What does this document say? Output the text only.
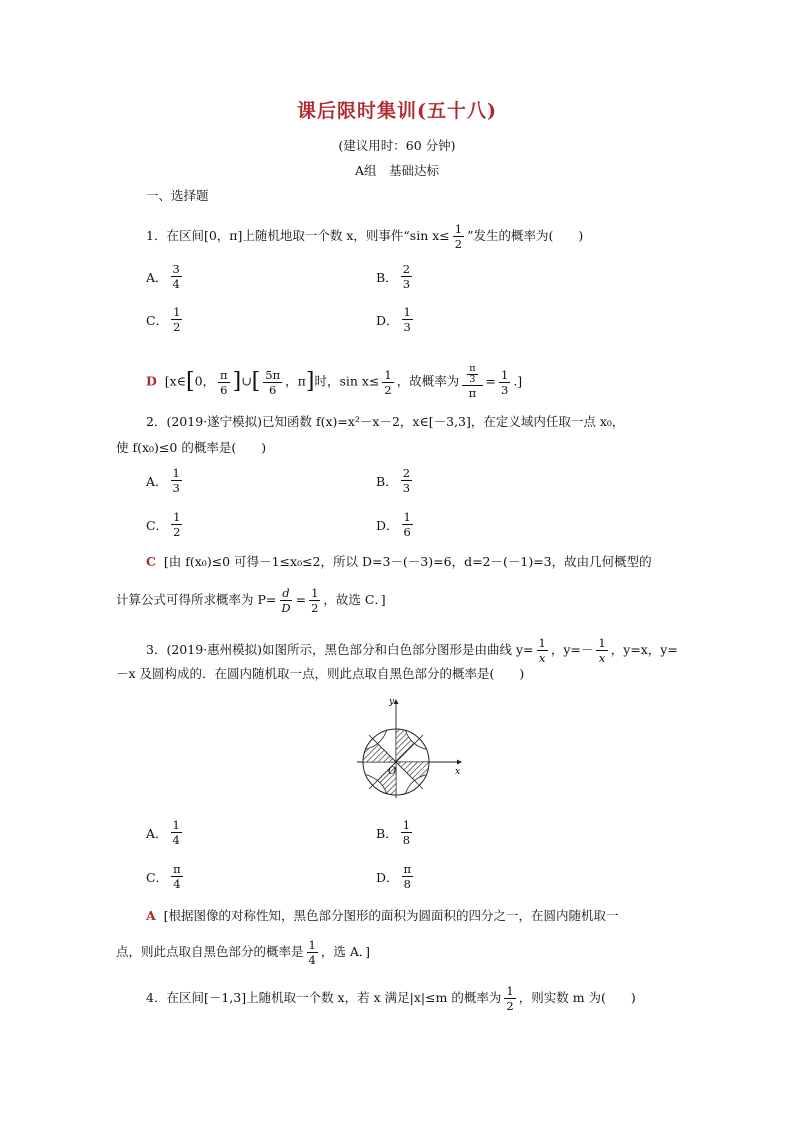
课后限时集训(五十八)
(建议用时：60 分钟)
A组　基础达标
一、选择题
1．在区间[0，π]上随机地取一个数 x，则事件“sin $x\le \frac{1}{2}$ ”发生的概率为(　　)
A． $\frac{3}{4}$	B． $\frac{2}{3}$
C． $\frac{1}{2}$	D． $\frac{1}{3}$
D [x∈[0， $\frac{\pi}{6}$ ]∪[ $\frac{5\pi}{6}$ ，π]时，$\sin x\le \frac{1}{2}$ ，故概率为 $\frac{\frac{\pi}{3}}{\pi} = \frac{1}{3}$ .]
2．(2019·遂宁模拟)已知函数 f(x)=x²－x－2，x∈[－3,3]，在定义域内任取一点 x₀，
使 f(x₀)≤0 的概率是(　　)
A． $\frac{1}{3}$	B． $\frac{2}{3}$
C． $\frac{1}{2}$	D． $\frac{1}{6}$
C [由 f(x₀)≤0 可得－1≤x₀≤2，所以 D=3－(－3)=6，d=2－(－1)=3，故由几何概型的
计算公式可得所求概率为 $P= \frac{d}{D} = \frac{1}{2}$ ，故选 C．]
3．(2019·惠州模拟)如图所示，黑色部分和白色部分图形是由曲线 $y= \frac{1}{x}$ ，$y=- \frac{1}{x}$ ，y=x，y=
－x 及圆构成的．在圆内随机取一点，则此点取自黑色部分的概率是(　　)
y
x
O
A． $\frac{1}{4}$	B． $\frac{1}{8}$
C． $\frac{\pi}{4}$	D． $\frac{\pi}{8}$
A [根据图像的对称性知，黑色部分图形的面积为圆面积的四分之一，在圆内随机取一
点，则此点取自黑色部分的概率是 $\frac{1}{4}$ ，选 A．]
4．在区间[－1,3]上随机取一个数 x，若 x 满足|x|≤m 的概率为 $\frac{1}{2}$ ，则实数 m 为(　　)
